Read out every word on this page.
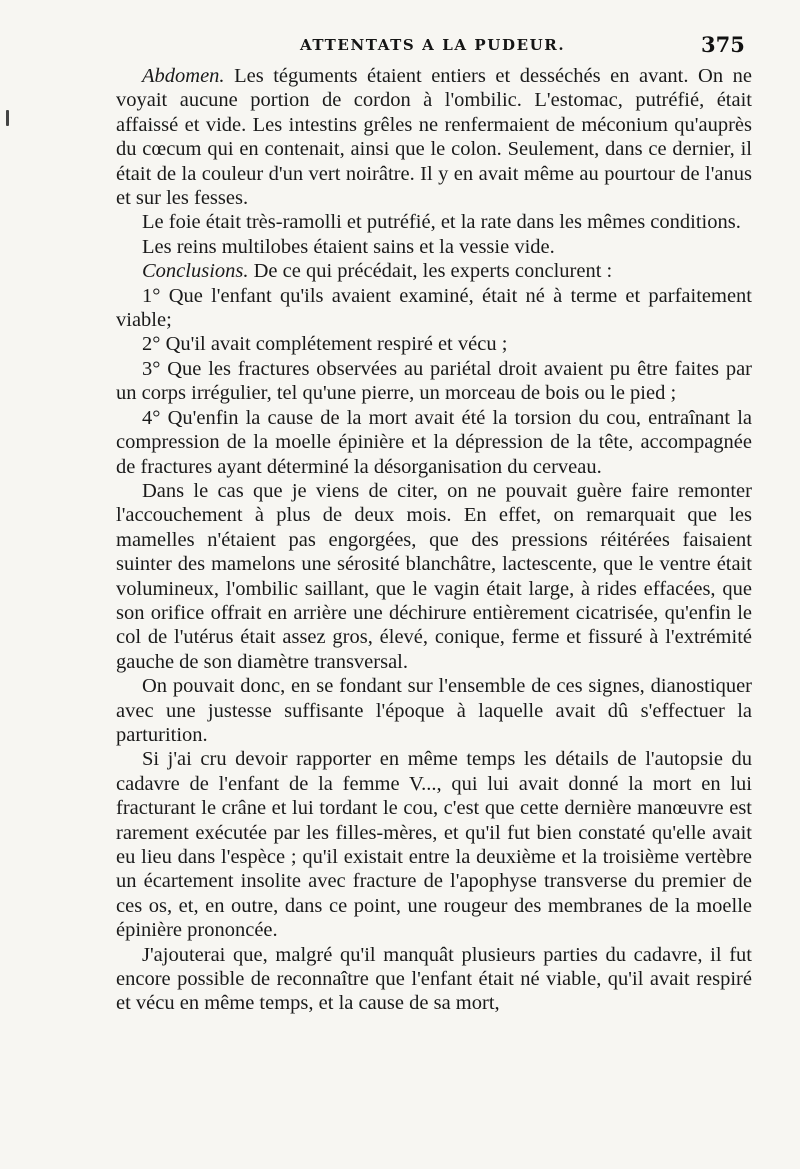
ATTENTATS A LA PUDEUR.	375

Abdomen. Les téguments étaient entiers et desséchés en avant. On ne voyait aucune portion de cordon à l'ombilic. L'estomac, putréfié, était affaissé et vide. Les intestins grêles ne renfermaient de méconium qu'auprès du cœcum qui en contenait, ainsi que le colon. Seulement, dans ce dernier, il était de la couleur d'un vert noirâtre. Il y en avait même au pourtour de l'anus et sur les fesses.

Le foie était très-ramolli et putréfié, et la rate dans les mêmes conditions.

Les reins multilobes étaient sains et la vessie vide.

Conclusions. De ce qui précédait, les experts conclurent :

1° Que l'enfant qu'ils avaient examiné, était né à terme et parfaitement viable;

2° Qu'il avait complétement respiré et vécu ;

3° Que les fractures observées au pariétal droit avaient pu être faites par un corps irrégulier, tel qu'une pierre, un morceau de bois ou le pied ;

4° Qu'enfin la cause de la mort avait été la torsion du cou, entraînant la compression de la moelle épinière et la dépression de la tête, accompagnée de fractures ayant déterminé la désorganisation du cerveau.

Dans le cas que je viens de citer, on ne pouvait guère faire remonter l'accouchement à plus de deux mois. En effet, on remarquait que les mamelles n'étaient pas engorgées, que des pressions réitérées faisaient suinter des mamelons une sérosité blanchâtre, lactescente, que le ventre était volumineux, l'ombilic saillant, que le vagin était large, à rides effacées, que son orifice offrait en arrière une déchirure entièrement cicatrisée, qu'enfin le col de l'utérus était assez gros, élevé, conique, ferme et fissuré à l'extrémité gauche de son diamètre transversal.

On pouvait donc, en se fondant sur l'ensemble de ces signes, dianostiquer avec une justesse suffisante l'époque à laquelle avait dû s'effectuer la parturition.

Si j'ai cru devoir rapporter en même temps les détails de l'autopsie du cadavre de l'enfant de la femme V..., qui lui avait donné la mort en lui fracturant le crâne et lui tordant le cou, c'est que cette dernière manœuvre est rarement exécutée par les filles-mères, et qu'il fut bien constaté qu'elle avait eu lieu dans l'espèce ; qu'il existait entre la deuxième et la troisième vertèbre un écartement insolite avec fracture de l'apophyse transverse du premier de ces os, et, en outre, dans ce point, une rougeur des membranes de la moelle épinière prononcée.

J'ajouterai que, malgré qu'il manquât plusieurs parties du cadavre, il fut encore possible de reconnaître que l'enfant était né viable, qu'il avait respiré et vécu en même temps, et la cause de sa mort,
